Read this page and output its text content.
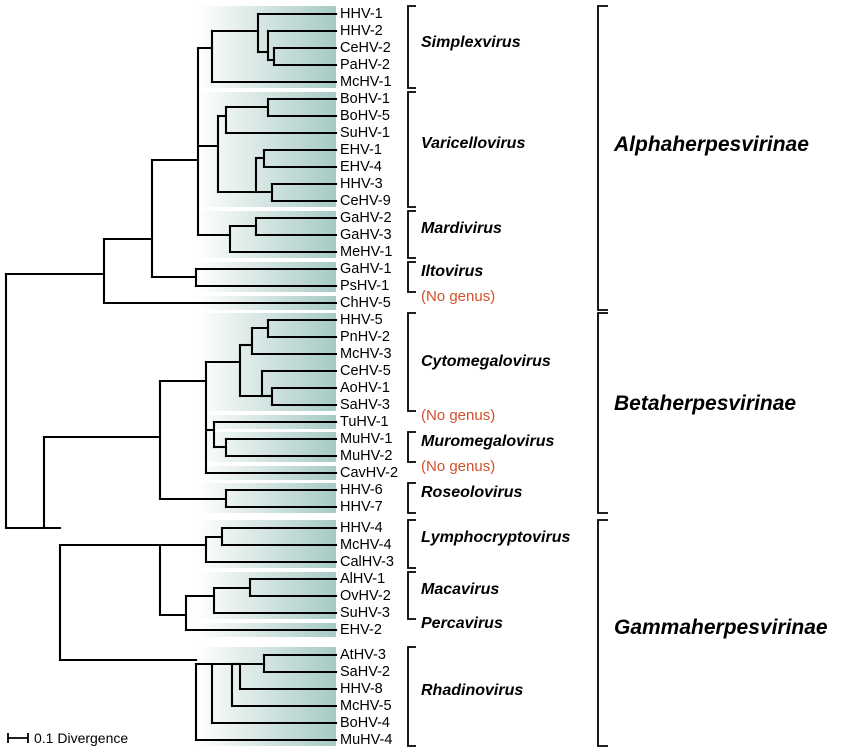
HHV-1
HHV-2
CeHV-2
PaHV-2
McHV-1
BoHV-1
BoHV-5
SuHV-1
EHV-1
EHV-4
HHV-3
CeHV-9
GaHV-2
GaHV-3
MeHV-1
GaHV-1
PsHV-1
ChHV-5
HHV-5
PnHV-2
McHV-3
CeHV-5
AoHV-1
SaHV-3
TuHV-1
MuHV-1
MuHV-2
CavHV-2
HHV-6
HHV-7
HHV-4
McHV-4
CalHV-3
AlHV-1
OvHV-2
SuHV-3
EHV-2
AtHV-3
SaHV-2
HHV-8
McHV-5
BoHV-4
MuHV-4
Simplexvirus
Varicellovirus
Mardivirus
Iltovirus
(No genus)
Cytomegalovirus
(No genus)
Muromegalovirus
(No genus)
Roseolovirus
Lymphocryptovirus
Macavirus
Percavirus
Rhadinovirus
Alphaherpesvirinae
Betaherpesvirinae
Gammaherpesvirinae
0.1 Divergence
